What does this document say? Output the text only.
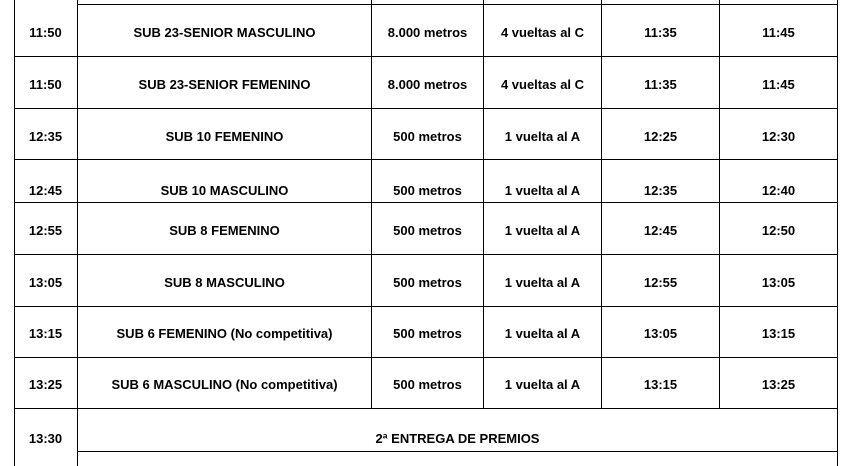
11:50	SUB 23-SENIOR MASCULINO	8.000 metros	4 vueltas al C	11:35	11:45
11:50	SUB 23-SENIOR FEMENINO	8.000 metros	4 vueltas al C	11:35	11:45
12:35	SUB 10 FEMENINO	500 metros	1 vuelta al A	12:25	12:30
12:45	SUB 10 MASCULINO	500 metros	1 vuelta al A	12:35	12:40
12:55	SUB 8 FEMENINO	500 metros	1 vuelta al A	12:45	12:50
13:05	SUB 8 MASCULINO	500 metros	1 vuelta al A	12:55	13:05
13:15	SUB 6 FEMENINO (No competitiva)	500 metros	1 vuelta al A	13:05	13:15
13:25	SUB 6 MASCULINO (No competitiva)	500 metros	1 vuelta al A	13:15	13:25
13:30	2ª ENTREGA DE PREMIOS
